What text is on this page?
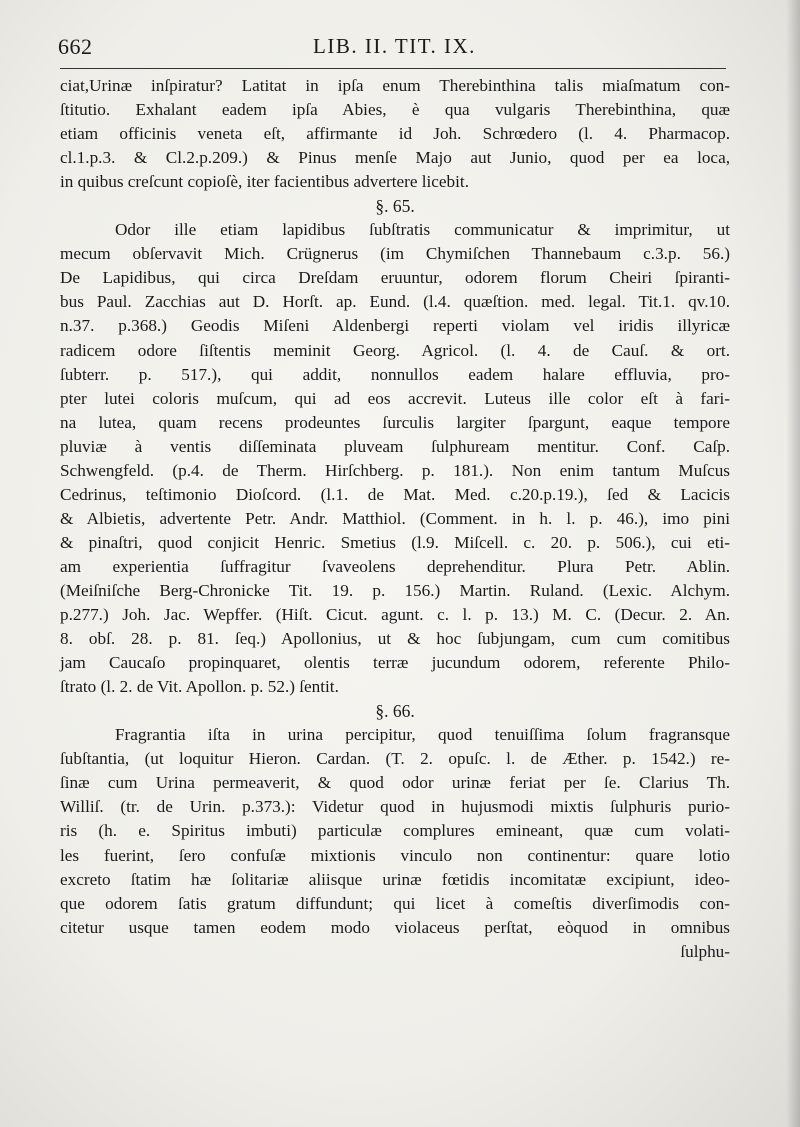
662	LIB. II. TIT. IX.
ciat,Urinæ inſpiratur? Latitat in ipſa enum Therebinthina talis miaſmatum con-
ſtitutio. Exhalant eadem ipſa Abies, è qua vulgaris Therebinthina, quæ
etiam officinis veneta eſt, affirmante id Joh. Schrœdero (l. 4. Pharmacop.
cl.1.p.3. & Cl.2.p.209.) & Pinus menſe Majo aut Junio, quod per ea loca,
in quibus creſcunt copioſè, iter facientibus advertere licebit.
§. 65.
Odor ille etiam lapidibus ſubſtratis communicatur & imprimitur, ut
mecum obſervavit Mich. Crügnerus (im Chymiſchen Thannebaum c.3.p. 56.)
De Lapidibus, qui circa Dreſdam eruuntur, odorem florum Cheiri ſpiranti-
bus Paul. Zacchias aut D. Horſt. ap. Eund. (l.4. quæſtion. med. legal. Tit.1. qv.10.
n.37. p.368.) Geodis Miſeni Aldenbergi reperti violam vel iridis illyricæ
radicem odore ſiſtentis meminit Georg. Agricol. (l. 4. de Cauſ. & ort.
ſubterr. p. 517.), qui addit, nonnullos eadem halare effluvia, pro-
pter lutei coloris muſcum, qui ad eos accrevit. Luteus ille color eſt à fari-
na lutea, quam recens prodeuntes ſurculis largiter ſpargunt, eaque tempore
pluviæ à ventis diſſeminata pluveam ſulphuream mentitur. Conf. Caſp.
Schwengfeld. (p.4. de Therm. Hirſchberg. p. 181.). Non enim tantum Muſcus
Cedrinus, teſtimonio Dioſcord. (l.1. de Mat. Med. c.20.p.19.), ſed & Lacicis
& Albietis, advertente Petr. Andr. Matthiol. (Comment. in h. l. p. 46.), imo pini
& pinaſtri, quod conjicit Henric. Smetius (l.9. Miſcell. c. 20. p. 506.), cui eti-
am experientia ſuffragitur ſvaveolens deprehenditur. Plura Petr. Ablin.
(Meiſniſche Berg-Chronicke Tit. 19. p. 156.) Martin. Ruland. (Lexic. Alchym.
p.277.) Joh. Jac. Wepffer. (Hiſt. Cicut. agunt. c. l. p. 13.) M. C. (Decur. 2. An.
8. obſ. 28. p. 81. ſeq.) Apollonius, ut & hoc ſubjungam, cum cum comitibus
jam Caucaſo propinquaret, olentis terræ jucundum odorem, referente Philo-
ſtrato (l. 2. de Vit. Apollon. p. 52.) ſentit.
§. 66.
Fragrantia iſta in urina percipitur, quod tenuiſſima ſolum fragransque
ſubſtantia, (ut loquitur Hieron. Cardan. (T. 2. opuſc. l. de Æther. p. 1542.) re-
ſinæ cum Urina permeaverit, & quod odor urinæ feriat per ſe. Clarius Th.
Williſ. (tr. de Urin. p.373.): Videtur quod in hujusmodi mixtis ſulphuris purio-
ris (h. e. Spiritus imbuti) particulæ complures emineant, quæ cum volati-
les fuerint, ſero confuſæ mixtionis vinculo non continentur: quare lotio
excreto ſtatim hæ ſolitariæ aliisque urinæ fœtidis incomitatæ excipiunt, ideo-
que odorem ſatis gratum diffundunt; qui licet à comeſtis diverſimodis con-
citetur usque tamen eodem modo violaceus perſtat, eòquod in omnibus
ſulphu-
